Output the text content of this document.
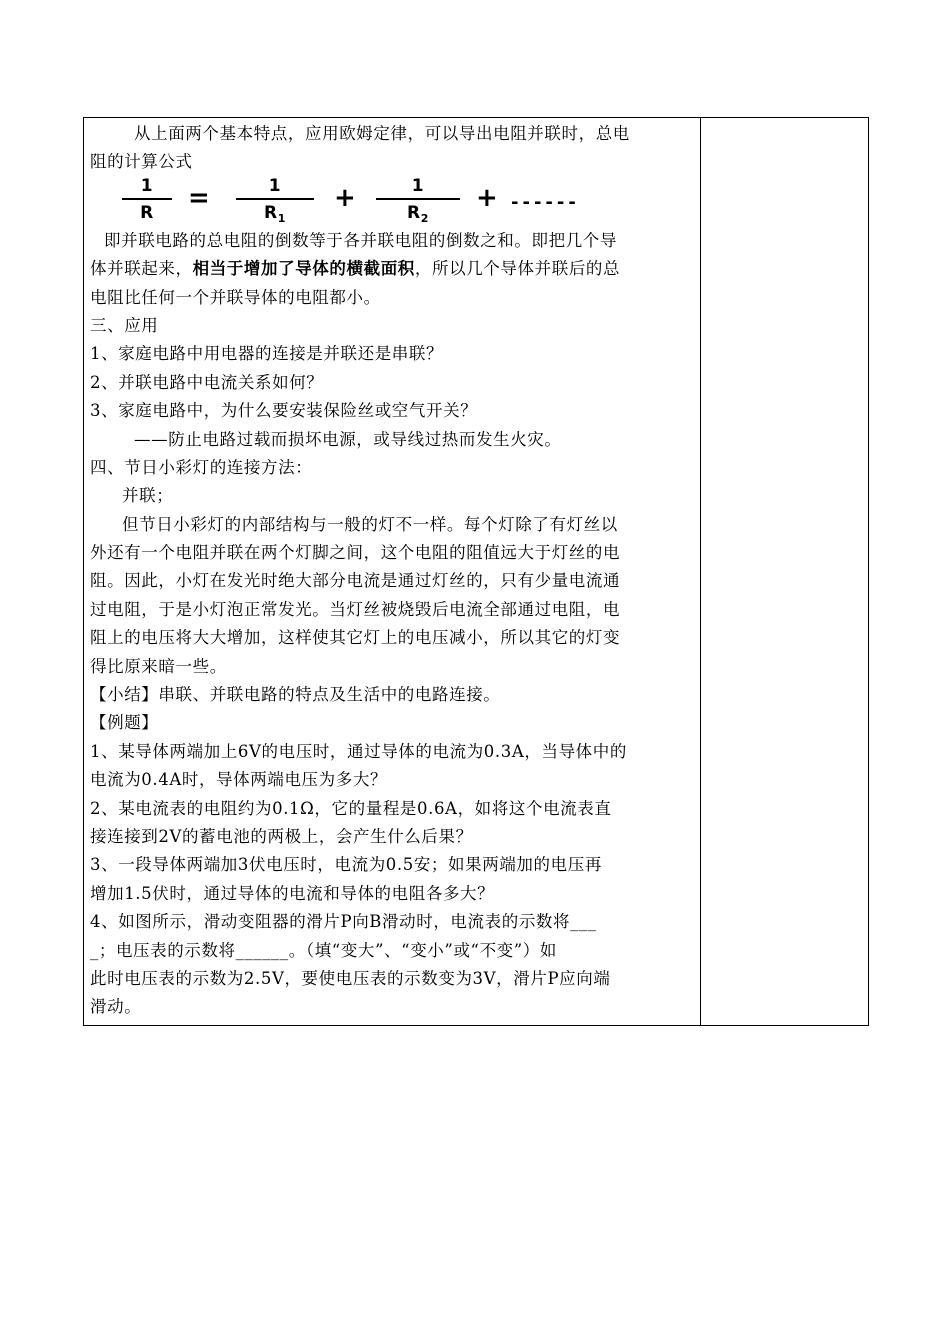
从上面两个基本特点，应用欧姆定律，可以导出电阻并联时，总电
阻的计算公式
1
R	=	1
$R_1$
+	1
$R_2$
+ ------
即并联电路的总电阻的倒数等于各并联电阻的倒数之和。即把几个导
体并联起来，相当于增加了导体的横截面积，所以几个导体并联后的总
电阻比任何一个并联导体的电阻都小。
三、应用
1、家庭电路中用电器的连接是并联还是串联？
2、并联电路中电流关系如何？
3、家庭电路中，为什么要安装保险丝或空气开关？
——防止电路过载而损坏电源，或导线过热而发生火灾。
四、节日小彩灯的连接方法：
并联；
但节日小彩灯的内部结构与一般的灯不一样。每个灯除了有灯丝以
外还有一个电阻并联在两个灯脚之间，这个电阻的阻值远大于灯丝的电
阻。因此，小灯在发光时绝大部分电流是通过灯丝的，只有少量电流通
过电阻，于是小灯泡正常发光。当灯丝被烧毁后电流全部通过电阻，电
阻上的电压将大大增加，这样使其它灯上的电压减小，所以其它的灯变
得比原来暗一些。
【小结】串联、并联电路的特点及生活中的电路连接。
【例题】
1、某导体两端加上6V的电压时，通过导体的电流为0.3A，当导体中的
电流为0.4A时，导体两端电压为多大？
2、某电流表的电阻约为0.1Ω，它的量程是0.6A，如将这个电流表直
接连接到2V的蓄电池的两极上，会产生什么后果？
3、一段导体两端加3伏电压时，电流为0.5安；如果两端加的电压再
增加1.5伏时，通过导体的电流和导体的电阻各多大？
4、如图所示，滑动变阻器的滑片P向B滑动时，电流表的示数将___
_；电压表的示数将______。（填“变大”、“变小”或“不变”）如
此时电压表的示数为2.5V，要使电压表的示数变为3V，滑片P应向端
滑动。
